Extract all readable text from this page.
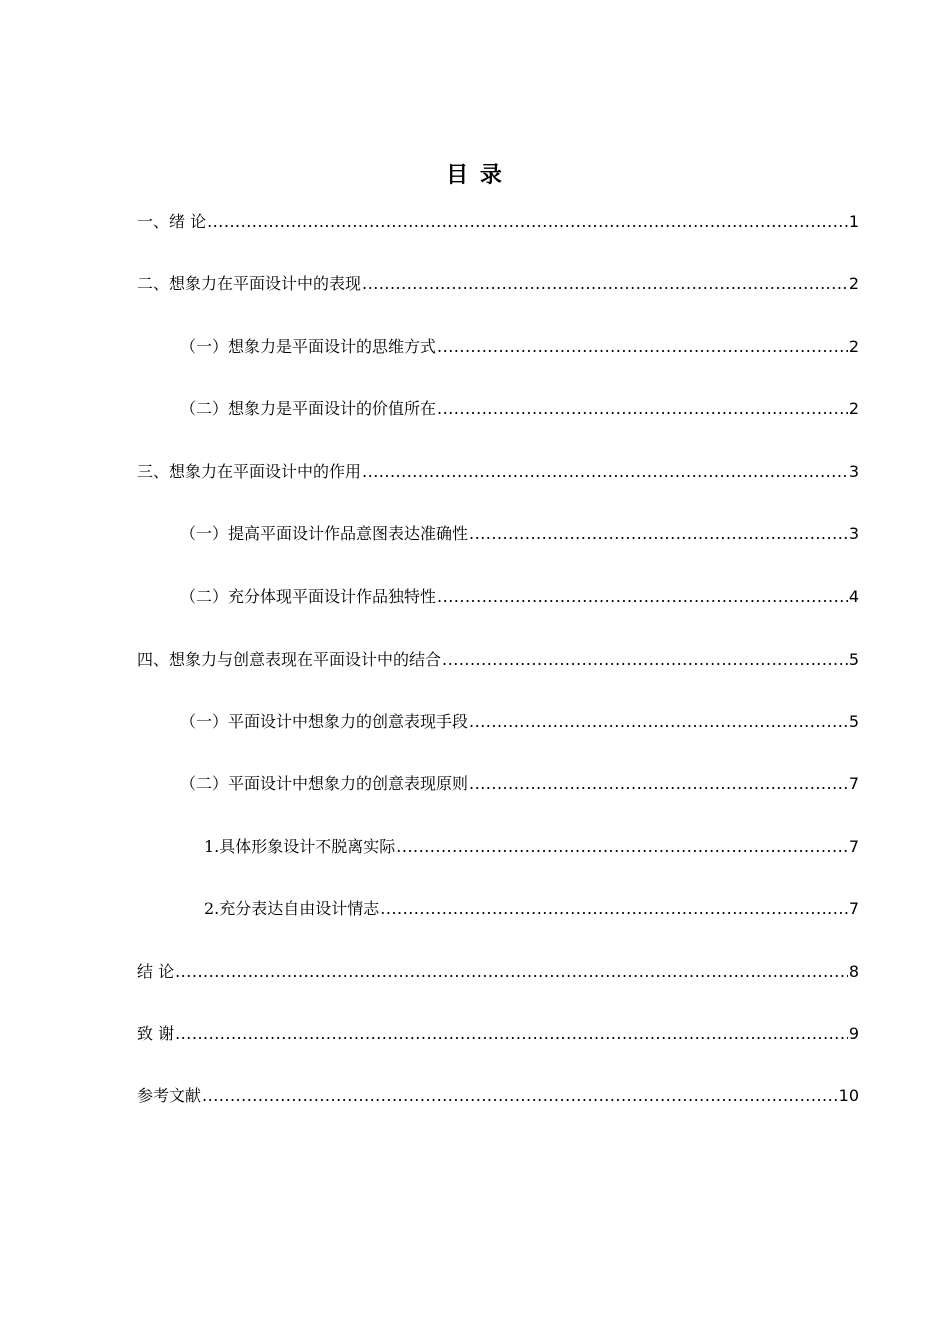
目 录
一、绪 论 .....	1
二、想象力在平面设计中的表现 .....	2
（一）想象力是平面设计的思维方式 .....	2
（二）想象力是平面设计的价值所在 .....	2
三、想象力在平面设计中的作用 .....	3
（一）提高平面设计作品意图表达准确性 .....	3
（二）充分体现平面设计作品独特性 .....	4
四、想象力与创意表现在平面设计中的结合 .....	5
（一）平面设计中想象力的创意表现手段 .....	5
（二）平面设计中想象力的创意表现原则 .....	7
1.具体形象设计不脱离实际 .....	7
2.充分表达自由设计情志 .....	7
结 论 .....	8
致 谢 .....	9
参考文献 .....	10
